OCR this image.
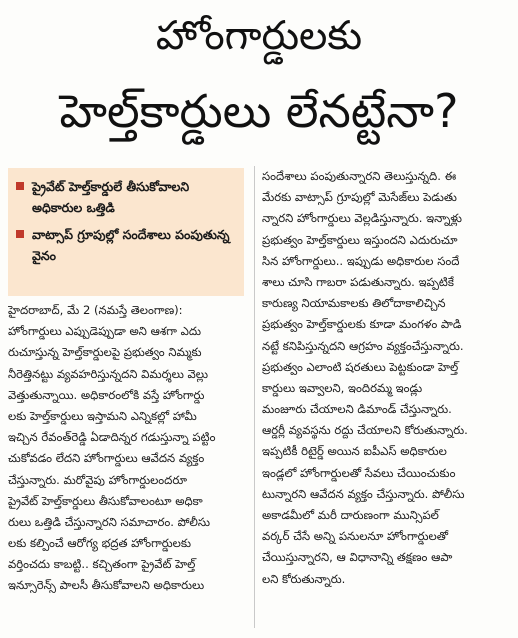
హోంగార్డులకు
హెల్త్‌కార్డులు లేనట్టేనా?
ప్రైవేట్ హెల్త్‌కార్డులే తీసుకోవాలని అధికారుల ఒత్తిడి
వాట్సాప్ గ్రూపుల్లో సందేశాలు పంపుతున్న వైనం
హైదరాబాద్, మే 2 (నమస్తే తెలంగాణ):
హోంగార్డులు ఎప్పుడెప్పుడా అని ఆశగా ఎదు
రుచూస్తున్న హెల్త్‌కార్డులపై ప్రభుత్వం నిమ్మకు
నీరెత్తినట్టు వ్యవహరిస్తున్నదని విమర్శలు వెల్లు
వెత్తుతున్నాయి. అధికారంలోకి వస్తే హోంగార్డు
లకు హెల్త్‌కార్డులు ఇస్తామని ఎన్నికల్లో హామీ
ఇచ్చిన రేవంత్‌రెడ్డి ఏడాదిన్నర గడుస్తున్నా పట్టిం
చుకోవడం లేదని హోంగార్డులు ఆవేదన వ్యక్తం
చేస్తున్నారు. మరోవైపు హోంగార్డులందరూ
ప్రైవేట్ హెల్త్‌కార్డులు తీసుకోవాలంటూ అధికా
రులు ఒత్తిడి చేస్తున్నారని సమాచారం. పోలీసు
లకు కల్పించే ఆరోగ్య భద్రత హోంగార్డులకు
వర్తించదు కాబట్టి.. కచ్చితంగా ప్రైవేట్ హెల్త్
ఇన్సూరెన్స్ పాలసీ తీసుకోవాలని అధికారులు
సందేశాలు పంపుతున్నారని తెలుస్తున్నది. ఈ
మేరకు వాట్సాప్ గ్రూపుల్లో మెసేజ్‌లు పెడుతు
న్నారని హోంగార్డులు వెల్లడిస్తున్నారు. ఇన్నాళ్లు
ప్రభుత్వం హెల్త్‌కార్డులు ఇస్తుందని ఎదురుచూ
సిన హోంగార్డులు.. ఇప్పుడు అధికారుల సందే
శాలు చూసి గాబరా పడుతున్నారు. ఇప్పటికే
కారుణ్య నియామకాలకు తిలోదాకాలిచ్చిన
ప్రభుత్వం హెల్త్‌కార్డులకు కూడా మంగళం పాడి
నట్టే కనిపిస్తున్నదని ఆగ్రహం వ్యక్తంచేస్తున్నారు.
ప్రభుత్వం ఎలాంటి షరతులు పెట్టకుండా హెల్త్
కార్డులు ఇవ్వాలని, ఇందిరమ్మ ఇండ్లు
మంజూరు చేయాలని డిమాండ్ చేస్తున్నారు.
ఆర్డర్లీ వ్యవస్థను రద్దు చేయాలని కోరుతున్నారు.
ఇప్పటికీ రిటైర్డ్ అయిన ఐపీఎస్ అధికారుల
ఇండ్లలో హోంగార్డులతో సేవలు చేయించుకుం
టున్నారని ఆవేదన వ్యక్తం చేస్తున్నారు. పోలీసు
అకాడమీలో మరీ దారుణంగా మున్సిపల్
వర్కర్ చేసే అన్ని పనులనూ హోంగార్డులతో
చేయిస్తున్నారని, ఆ విధానాన్ని తక్షణం ఆపా
లని కోరుతున్నారు.
